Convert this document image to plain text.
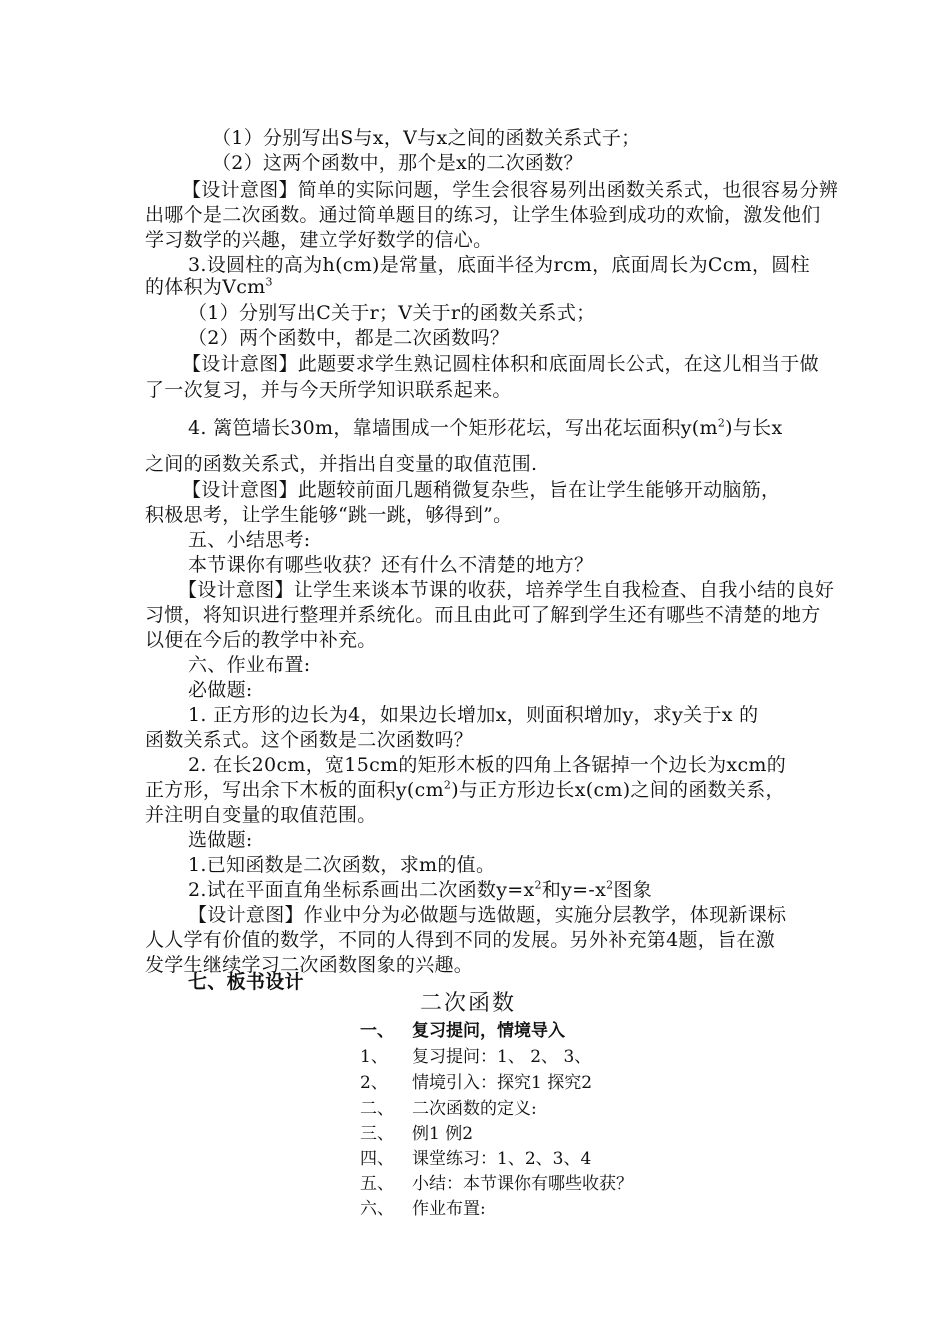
（1）分别写出S与x，V与x之间的函数关系式子；
（2）这两个函数中，那个是x的二次函数？
【设计意图】简单的实际问题，学生会很容易列出函数关系式，也很容易分辨
出哪个是二次函数。通过简单题目的练习，让学生体验到成功的欢愉，激发他们
学习数学的兴趣，建立学好数学的信心。
3.设圆柱的高为h(cm)是常量，底面半径为rcm，底面周长为Ccm，圆柱
的体积为Vcm$^3$
（1）分别写出C关于r；V关于r的函数关系式；
（2）两个函数中，都是二次函数吗？
【设计意图】此题要求学生熟记圆柱体积和底面周长公式，在这儿相当于做
了一次复习，并与今天所学知识联系起来。
4. 篱笆墙长30m，靠墙围成一个矩形花坛，写出花坛面积$y(m^2)$与长x
之间的函数关系式，并指出自变量的取值范围.
【设计意图】此题较前面几题稍微复杂些，旨在让学生能够开动脑筋，
积极思考，让学生能够“跳一跳，够得到”。
五、小结思考:
本节课你有哪些收获？还有什么不清楚的地方？
【设计意图】让学生来谈本节课的收获，培养学生自我检查、自我小结的良好
习惯，将知识进行整理并系统化。而且由此可了解到学生还有哪些不清楚的地方
以便在今后的教学中补充。
六、作业布置:
必做题:
1. 正方形的边长为4，如果边长增加x，则面积增加y，求y关于x 的
函数关系式。这个函数是二次函数吗？
2. 在长20cm，宽15cm的矩形木板的四角上各锯掉一个边长为xcm的
正方形，写出余下木板的面积$y(cm^2)$与正方形边长x(cm)之间的函数关系，
并注明自变量的取值范围。
选做题:
1.已知函数是二次函数，求m的值。
2.试在平面直角坐标系画出二次函数$y=x^2$和$y=-x^2$图象
【设计意图】作业中分为必做题与选做题，实施分层教学，体现新课标
人人学有价值的数学，不同的人得到不同的发展。另外补充第4题，旨在激
发学生继续学习二次函数图象的兴趣。
七、板书设计
二次函数
一、 复习提问，情境导入
1、 复习提问：1、 2、 3、
2、 情境引入：探究1 探究2
二、 二次函数的定义:
三、 例1 例2
四、 课堂练习：1、2、3、4
五、 小结：本节课你有哪些收获？
六、 作业布置:
